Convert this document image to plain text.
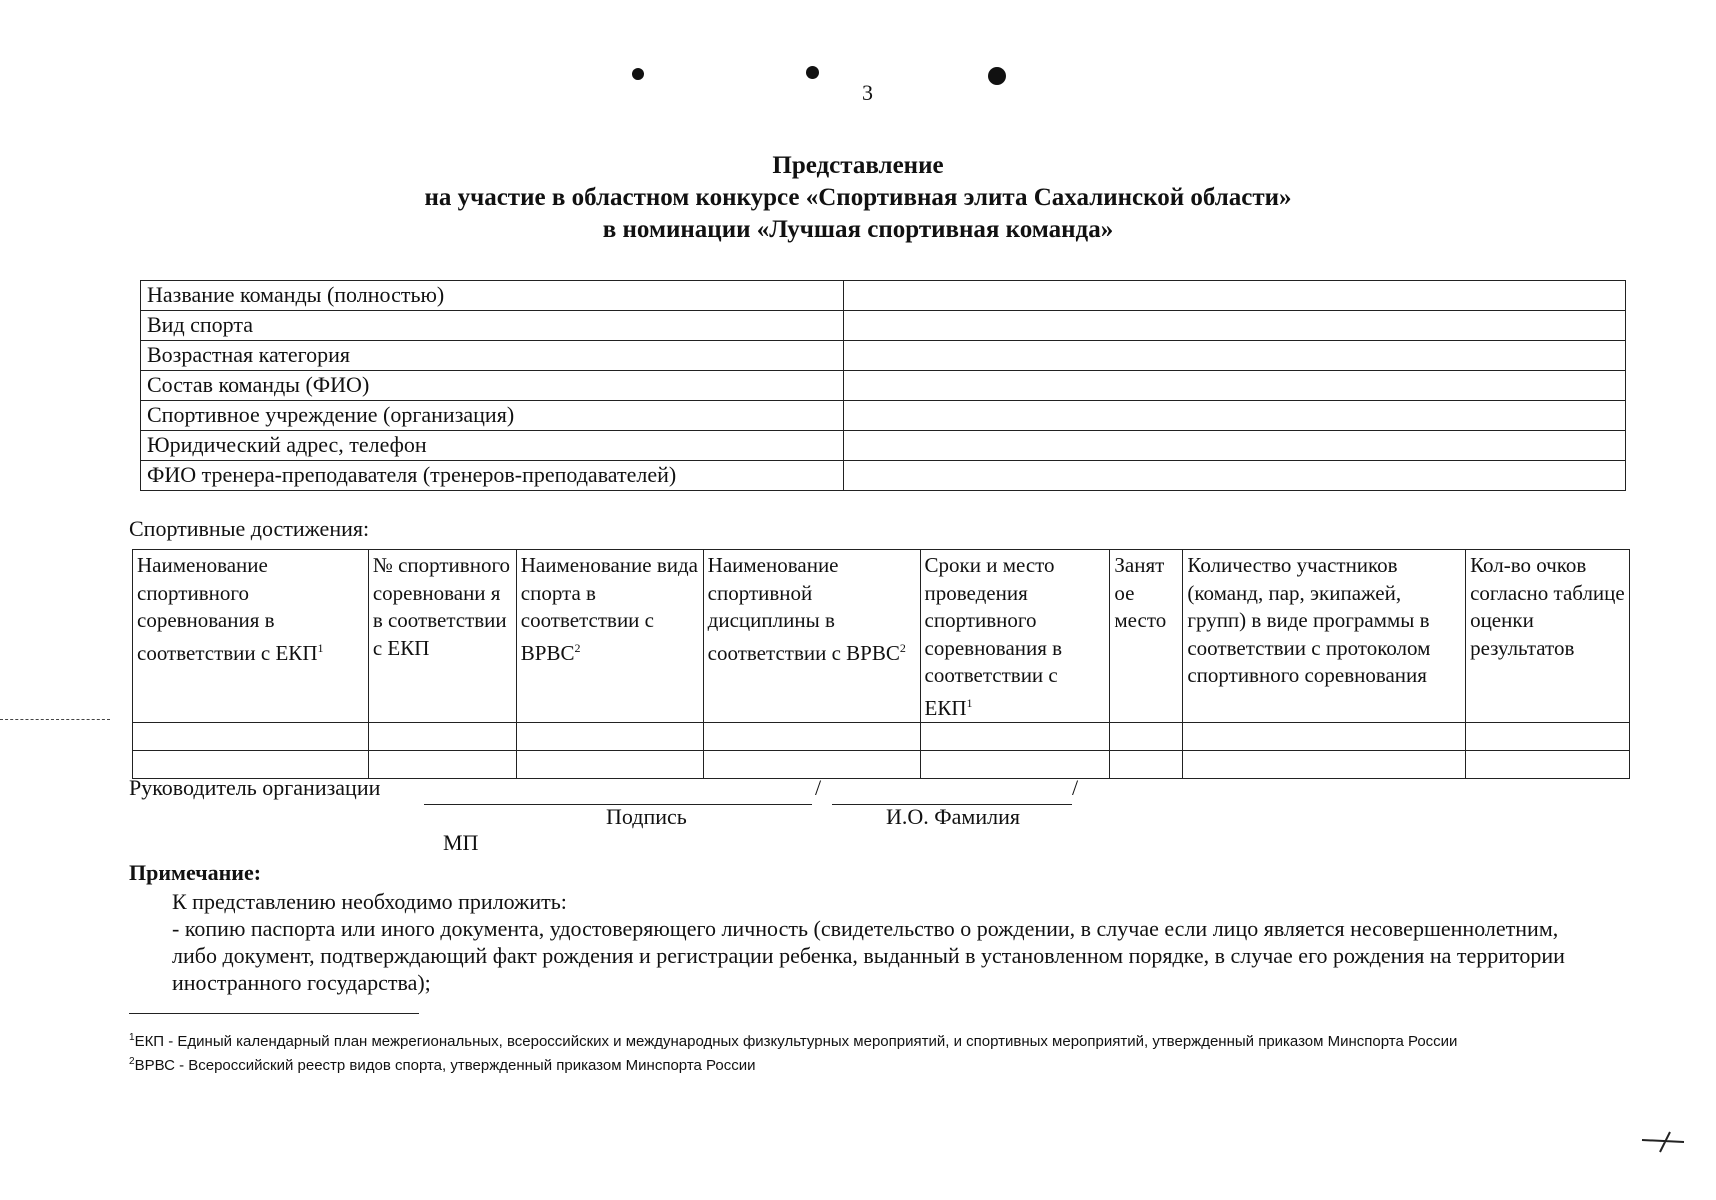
3
Представление
на участие в областном конкурсе «Спортивная элита Сахалинской области»
в номинации «Лучшая спортивная команда»
Название команды (полностью)	
Вид спорта	
Возрастная категория	
Состав команды (ФИО)	
Спортивное учреждение (организация)	
Юридический адрес, телефон	
ФИО тренера-преподавателя (тренеров-преподавателей)	
Спортивные достижения:
Наименование спортивного соревнования в соответствии с ЕКП$^1$	№ спортивного соревновани я в соответствии с ЕКП	Наименование вида спорта в соответствии с ВРВС$^2$	Наименование спортивной дисциплины в соответствии с ВРВС$^2$	Сроки и место проведения спортивного соревнования в соответствии с ЕКП$^1$	Занят ое место	Количество участников (команд, пар, экипажей, групп) в виде программы в соответствии с протоколом спортивного соревнования	Кол-во очков согласно таблице оценки результатов

Руководитель организации	/	/
Подпись	И.О. Фамилия
МП
Примечание:
К представлению необходимо приложить:
- копию паспорта или иного документа, удостоверяющего личность (свидетельство о рождении, в случае если лицо является несовершеннолетним, либо документ, подтверждающий факт рождения и регистрации ребенка, выданный в установленном порядке, в случае его рождения на территории иностранного государства);
$^1$ЕКП - Единый календарный план межрегиональных, всероссийских и международных физкультурных мероприятий, и спортивных мероприятий, утвержденный приказом Минспорта России
$^2$ВРВС - Всероссийский реестр видов спорта, утвержденный приказом Минспорта России
